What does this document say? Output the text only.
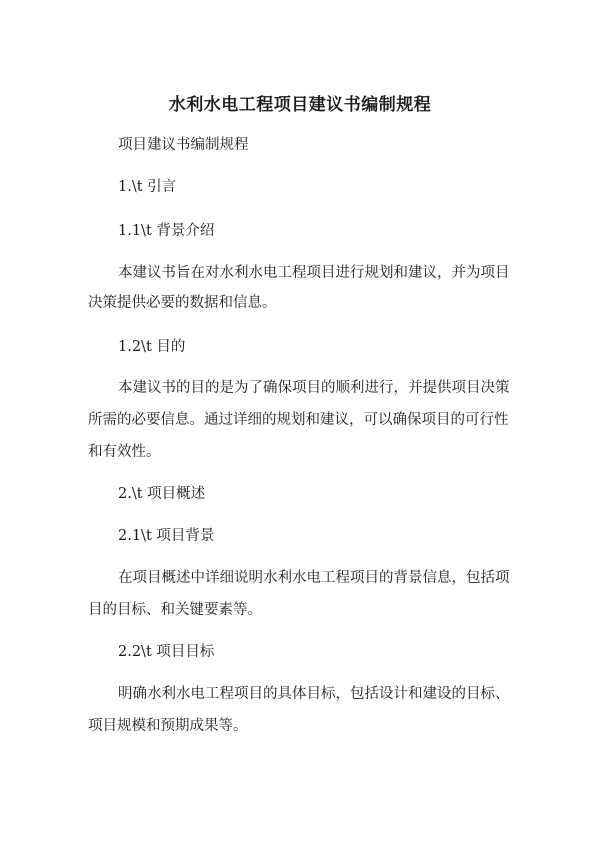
水利水电工程项目建议书编制规程
项目建议书编制规程
1.\t 引言
1.1\t 背景介绍
本建议书旨在对水利水电工程项目进行规划和建议，并为项目
决策提供必要的数据和信息。
1.2\t 目的
本建议书的目的是为了确保项目的顺利进行，并提供项目决策
所需的必要信息。通过详细的规划和建议，可以确保项目的可行性
和有效性。
2.\t 项目概述
2.1\t 项目背景
在项目概述中详细说明水利水电工程项目的背景信息，包括项
目的目标、和关键要素等。
2.2\t 项目目标
明确水利水电工程项目的具体目标，包括设计和建设的目标、
项目规模和预期成果等。
